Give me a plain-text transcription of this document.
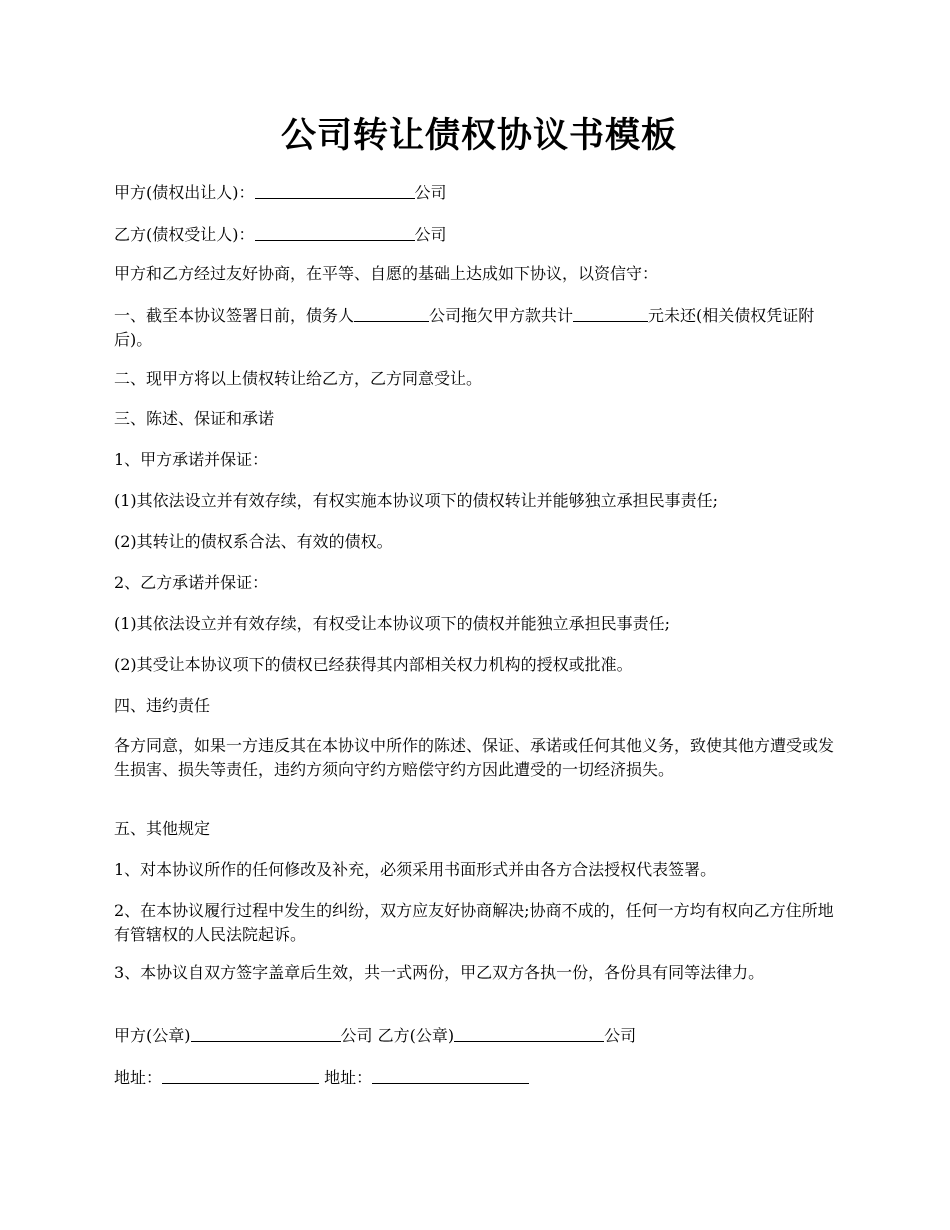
公司转让债权协议书模板
甲方(债权出让人)：	公司
乙方(债权受让人)：	公司
甲方和乙方经过友好协商，在平等、自愿的基础上达成如下协议，以资信守：
一、截至本协议签署日前，债务人	公司拖欠甲方款共计	元未还(相关债权凭证附后)。
二、现甲方将以上债权转让给乙方，乙方同意受让。
三、陈述、保证和承诺
1、甲方承诺并保证：
(1)其依法设立并有效存续，有权实施本协议项下的债权转让并能够独立承担民事责任;
(2)其转让的债权系合法、有效的债权。
2、乙方承诺并保证：
(1)其依法设立并有效存续，有权受让本协议项下的债权并能独立承担民事责任;
(2)其受让本协议项下的债权已经获得其内部相关权力机构的授权或批准。
四、违约责任
各方同意，如果一方违反其在本协议中所作的陈述、保证、承诺或任何其他义务，致使其他方遭受或发生损害、损失等责任，违约方须向守约方赔偿守约方因此遭受的一切经济损失。
五、其他规定
1、对本协议所作的任何修改及补充，必须采用书面形式并由各方合法授权代表签署。
2、在本协议履行过程中发生的纠纷，双方应友好协商解决;协商不成的，任何一方均有权向乙方住所地有管辖权的人民法院起诉。
3、本协议自双方签字盖章后生效，共一式两份，甲乙双方各执一份，各份具有同等法律力。
甲方(公章)	公司 乙方(公章)	公司
地址：	地址：
